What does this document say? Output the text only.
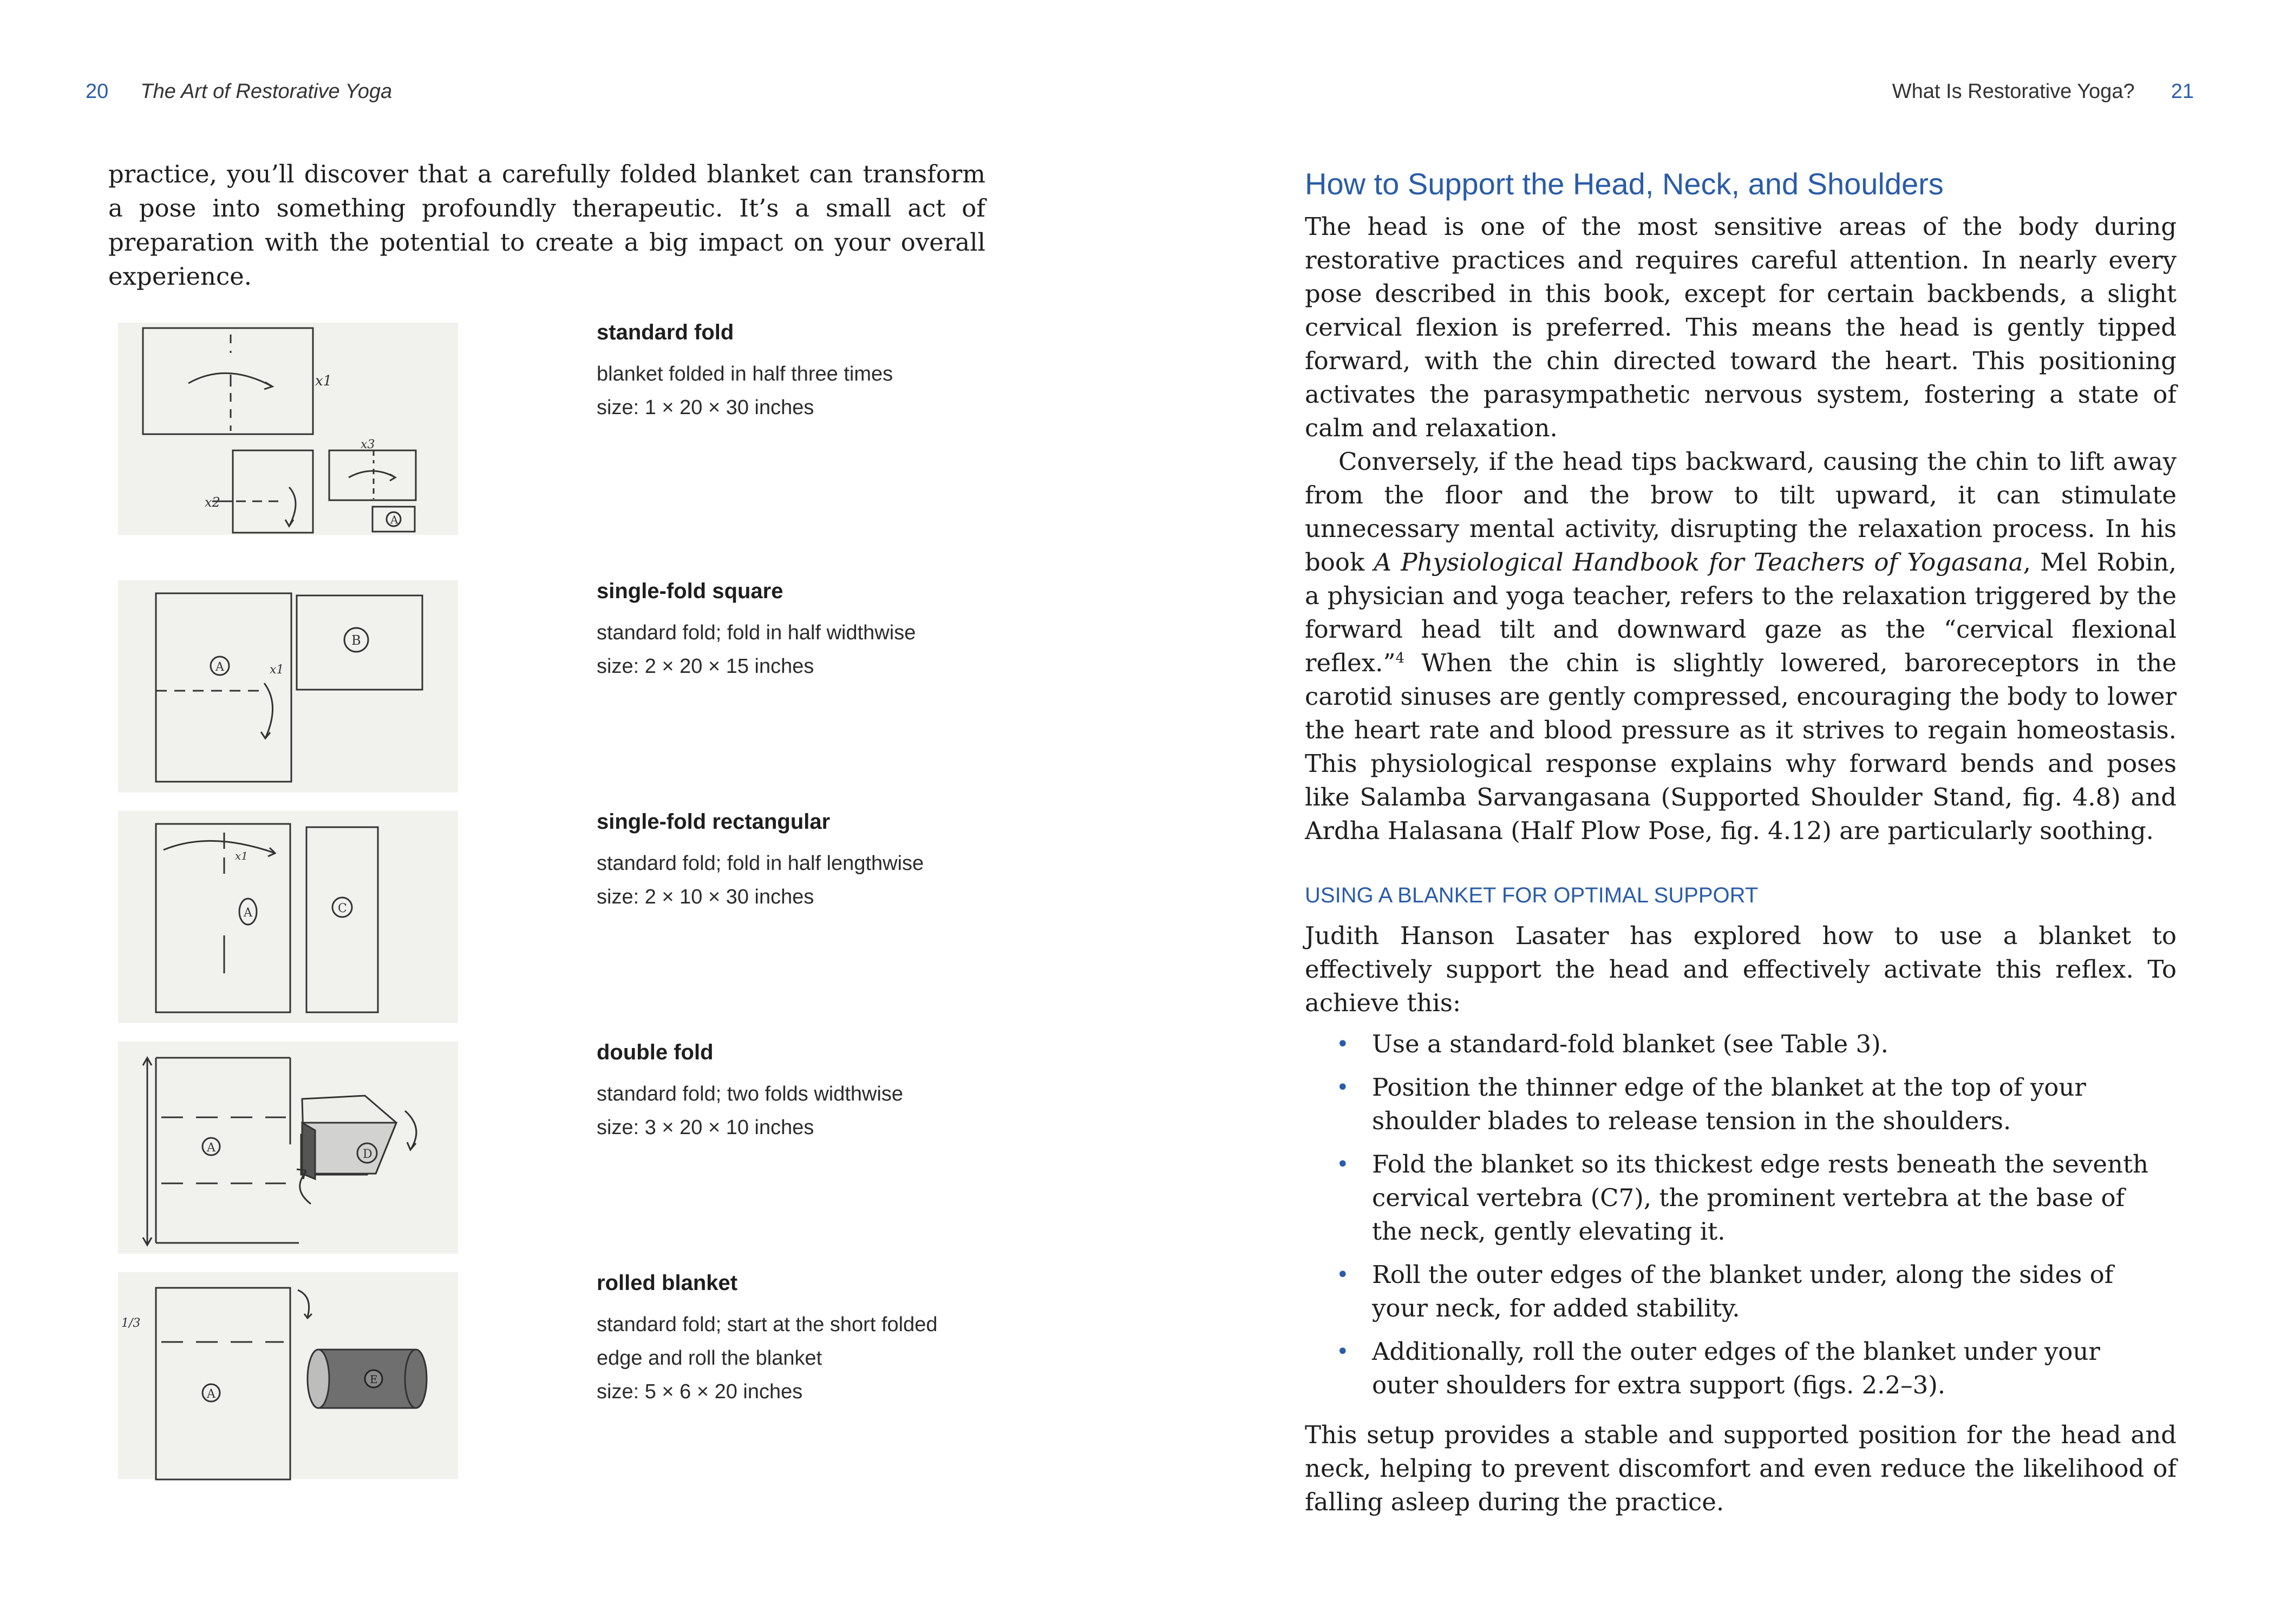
20 The Art of Restorative Yoga	What Is Restorative Yoga? 21

practice, you’ll discover that a carefully folded blanket can transform a pose into something profoundly therapeutic. It’s a small act of preparation with the potential to create a big impact on your overall experience.

x1
x2
x3
A
A	x1
B
x1
A	C
A	D
1/3
A
E
standard fold
blanket folded in half three times
size: 1 × 20 × 30 inches
single-fold square
standard fold; fold in half widthwise
size: 2 × 20 × 15 inches
single-fold rectangular
standard fold; fold in half lengthwise
size: 2 × 10 × 30 inches
double fold
standard fold; two folds widthwise
size: 3 × 20 × 10 inches
rolled blanket
standard fold; start at the short folded edge and roll the blanket
size: 5 × 6 × 20 inches
How to Support the Head, Neck, and Shoulders

The head is one of the most sensitive areas of the body during restorative practices and requires careful attention. In nearly every pose described in this book, except for certain backbends, a slight cervical flexion is preferred. This means the head is gently tipped forward, with the chin directed toward the heart. This positioning activates the parasympathetic nervous system, fostering a state of calm and relaxation.

Conversely, if the head tips backward, causing the chin to lift away from the floor and the brow to tilt upward, it can stimulate unnecessary mental activity, disrupting the relaxation process. In his book A Physiological Handbook for Teachers of Yogasana, Mel Robin, a physician and yoga teacher, refers to the relaxation triggered by the forward head tilt and downward gaze as the “cervical flexional reflex.”$^4$ When the chin is slightly lowered, baroreceptors in the carotid sinuses are gently compressed, encouraging the body to lower the heart rate and blood pressure as it strives to regain homeostasis. This physiological response explains why forward bends and poses like Salamba Sarvangasana (Supported Shoulder Stand, fig. 4.8) and Ardha Halasana (Half Plow Pose, fig. 4.12) are particularly soothing.

USING A BLANKET FOR OPTIMAL SUPPORT

Judith Hanson Lasater has explored how to use a blanket to effectively support the head and effectively activate this reflex. To achieve this:

• Use a standard-fold blanket (see Table 3).
• Position the thinner edge of the blanket at the top of your shoulder blades to release tension in the shoulders.
• Fold the blanket so its thickest edge rests beneath the seventh cervical vertebra (C7), the prominent vertebra at the base of the neck, gently elevating it.
• Roll the outer edges of the blanket under, along the sides of your neck, for added stability.
• Additionally, roll the outer edges of the blanket under your outer shoulders for extra support (figs. 2.2–3).

This setup provides a stable and supported position for the head and neck, helping to prevent discomfort and even reduce the likelihood of falling asleep during the practice.
